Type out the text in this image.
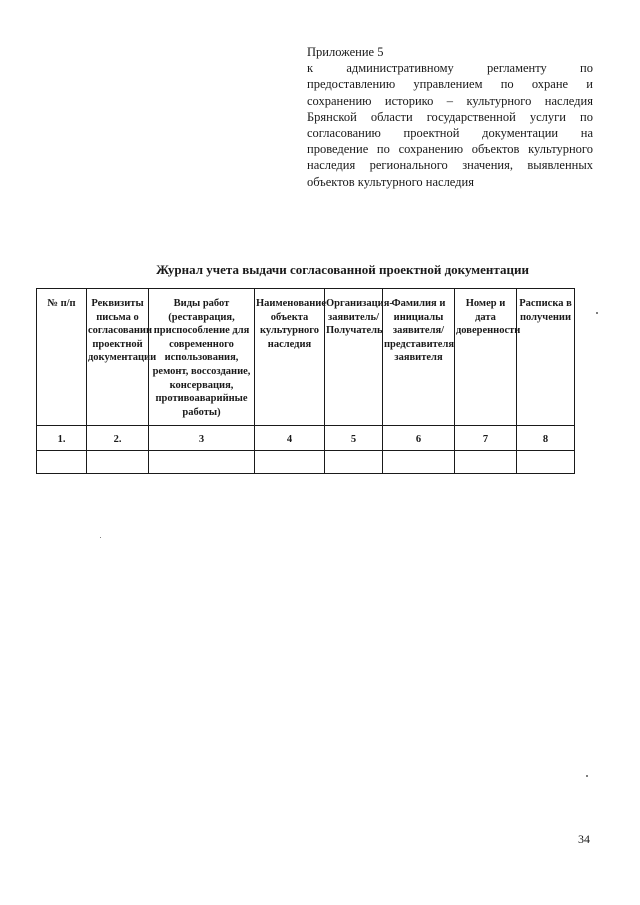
Приложение 5
к административному регламенту по предоставлению управлением по охране и сохранению историко – культурного наследия Брянской области государственной услуги по согласованию проектной документации на проведение по сохранению объектов культурного наследия регионального значения, выявленных объектов культурного наследия
Журнал учета выдачи согласованной проектной документации
№ п/п	Реквизиты письма о согласовании проектной документации	Виды работ (реставрация, приспособление для современного использования, ремонт, воссоздание, консервация, противоаварийные работы)	Наименование объекта культурного наследия	Организация-заявитель/Получатель	Фамилия и инициалы заявителя/представителя заявителя	Номер и дата доверенности	Расписка в получении
1.	2.	3	4	5	6	7	8

34
